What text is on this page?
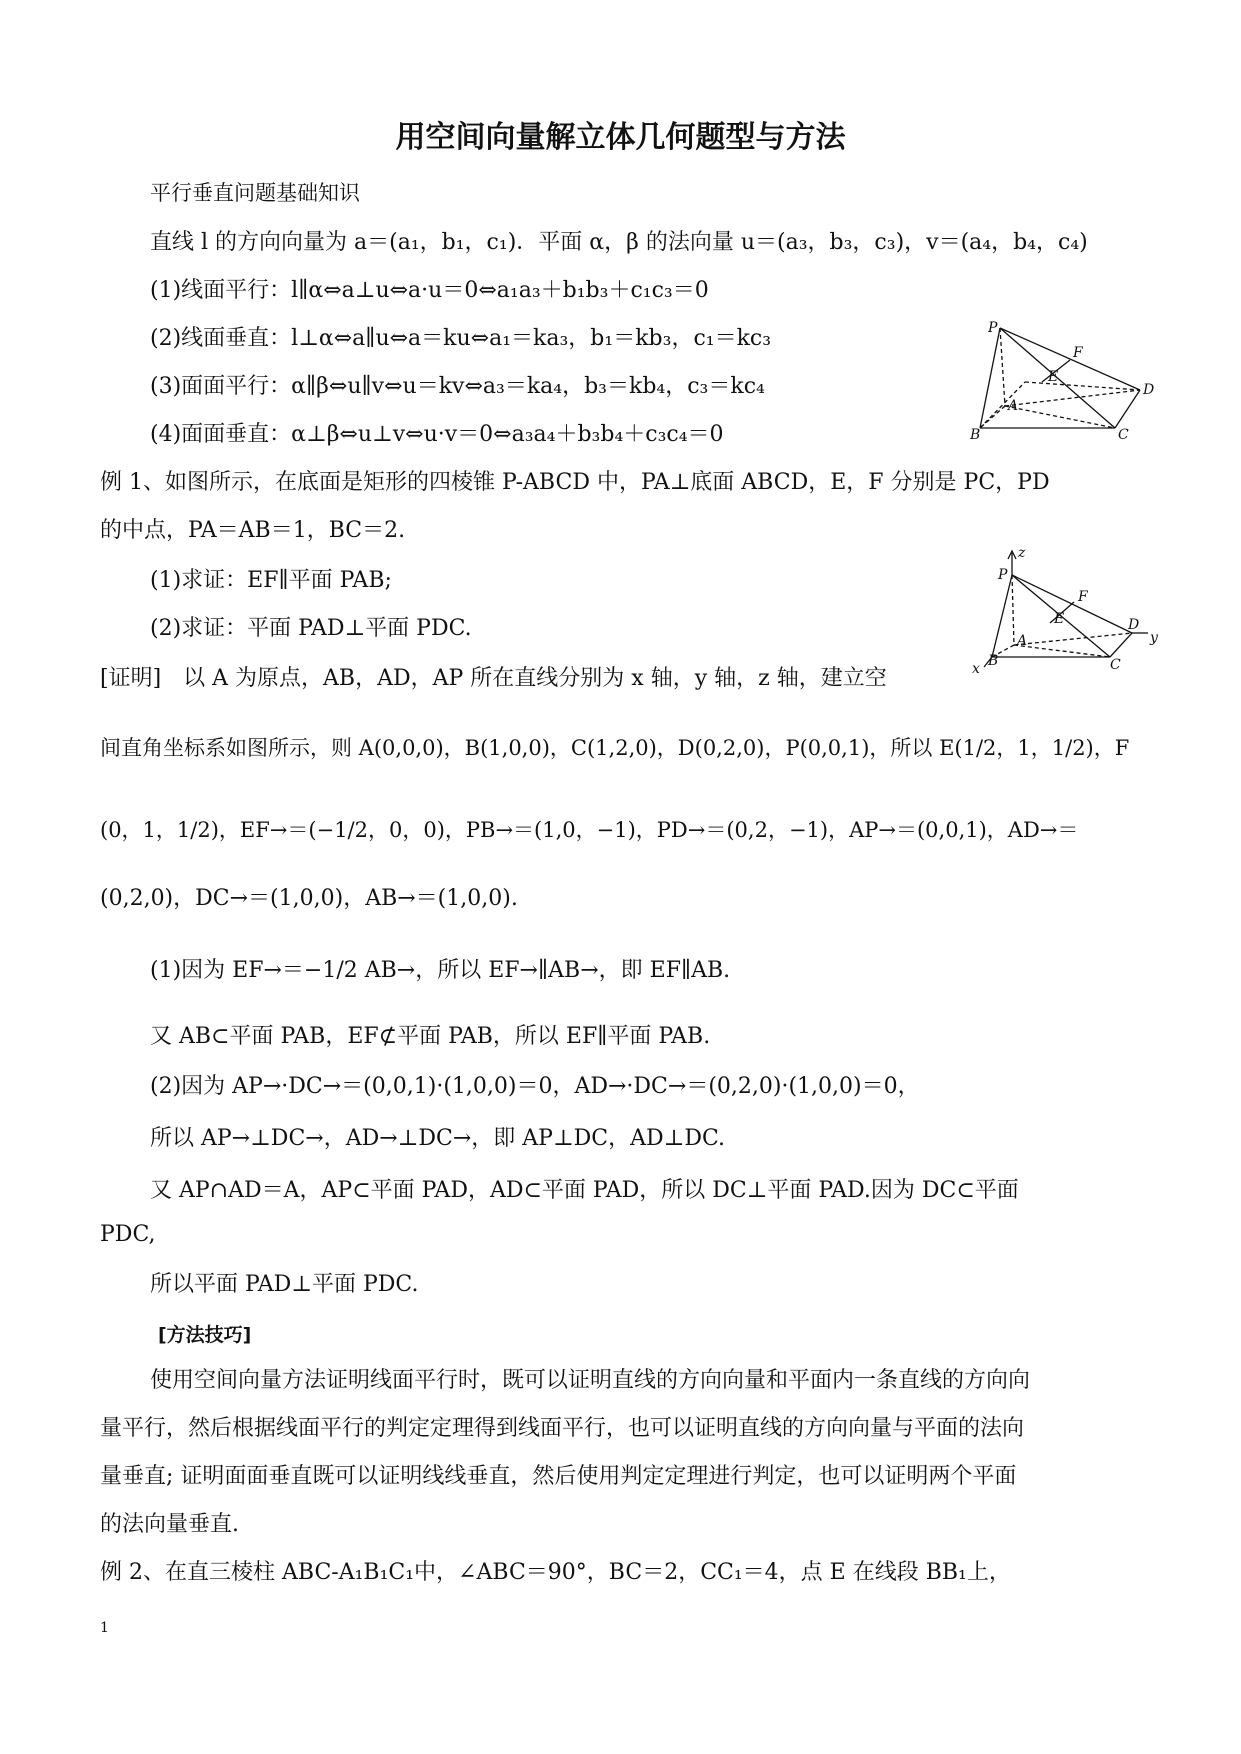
用空间向量解立体几何题型与方法
平行垂直问题基础知识
直线 l 的方向向量为 a＝(a₁，b₁，c₁)．平面 α，β 的法向量 u＝(a₃，b₃，c₃)，v＝(a₄，b₄，c₄)
(1)线面平行：l∥α⇔a⊥u⇔a·u＝0⇔a₁a₃＋b₁b₃＋c₁c₃＝0
(2)线面垂直：l⊥α⇔a∥u⇔a＝ku⇔a₁＝ka₃，b₁＝kb₃，c₁＝kc₃
(3)面面平行：α∥β⇔u∥v⇔u＝kv⇔a₃＝ka₄，b₃＝kb₄，c₃＝kc₄
(4)面面垂直：α⊥β⇔u⊥v⇔u·v＝0⇔a₃a₄＋b₃b₄＋c₃c₄＝0
P
F
E
D
A
B	C
例 1、如图所示，在底面是矩形的四棱锥 P-ABCD 中，PA⊥底面 ABCD，E，F 分别是 PC，PD
的中点，PA＝AB＝1，BC＝2.
(1)求证：EF∥平面 PAB;
(2)求证：平面 PAD⊥平面 PDC.
z
P
F
E	D
y
A
B	C
x
[证明]　以 A 为原点，AB，AD，AP 所在直线分别为 x 轴，y 轴，z 轴，建立空
间直角坐标系如图所示，则 A(0,0,0)，B(1,0,0)，C(1,2,0)，D(0,2,0)，P(0,0,1)，所以 E(1/2，1，1/2)，F
(0，1，1/2)，EF→＝(−1/2，0，0)，PB→＝(1,0，−1)，PD→＝(0,2，−1)，AP→＝(0,0,1)，AD→＝
(0,2,0)，DC→＝(1,0,0)，AB→＝(1,0,0).
(1)因为 EF→＝−1/2 AB→，所以 EF→∥AB→，即 EF∥AB.
又 AB⊂平面 PAB，EF⊄平面 PAB，所以 EF∥平面 PAB.
(2)因为 AP→·DC→＝(0,0,1)·(1,0,0)＝0，AD→·DC→＝(0,2,0)·(1,0,0)＝0，
所以 AP→⊥DC→，AD→⊥DC→，即 AP⊥DC，AD⊥DC.
又 AP∩AD＝A，AP⊂平面 PAD，AD⊂平面 PAD，所以 DC⊥平面 PAD.因为 DC⊂平面
PDC,
所以平面 PAD⊥平面 PDC.
[方法技巧]
使用空间向量方法证明线面平行时，既可以证明直线的方向向量和平面内一条直线的方向向
量平行，然后根据线面平行的判定定理得到线面平行，也可以证明直线的方向向量与平面的法向
量垂直; 证明面面垂直既可以证明线线垂直，然后使用判定定理进行判定，也可以证明两个平面
的法向量垂直.
例 2、在直三棱柱 ABC-A₁B₁C₁中，∠ABC＝90°，BC＝2，CC₁＝4，点 E 在线段 BB₁上，
1
